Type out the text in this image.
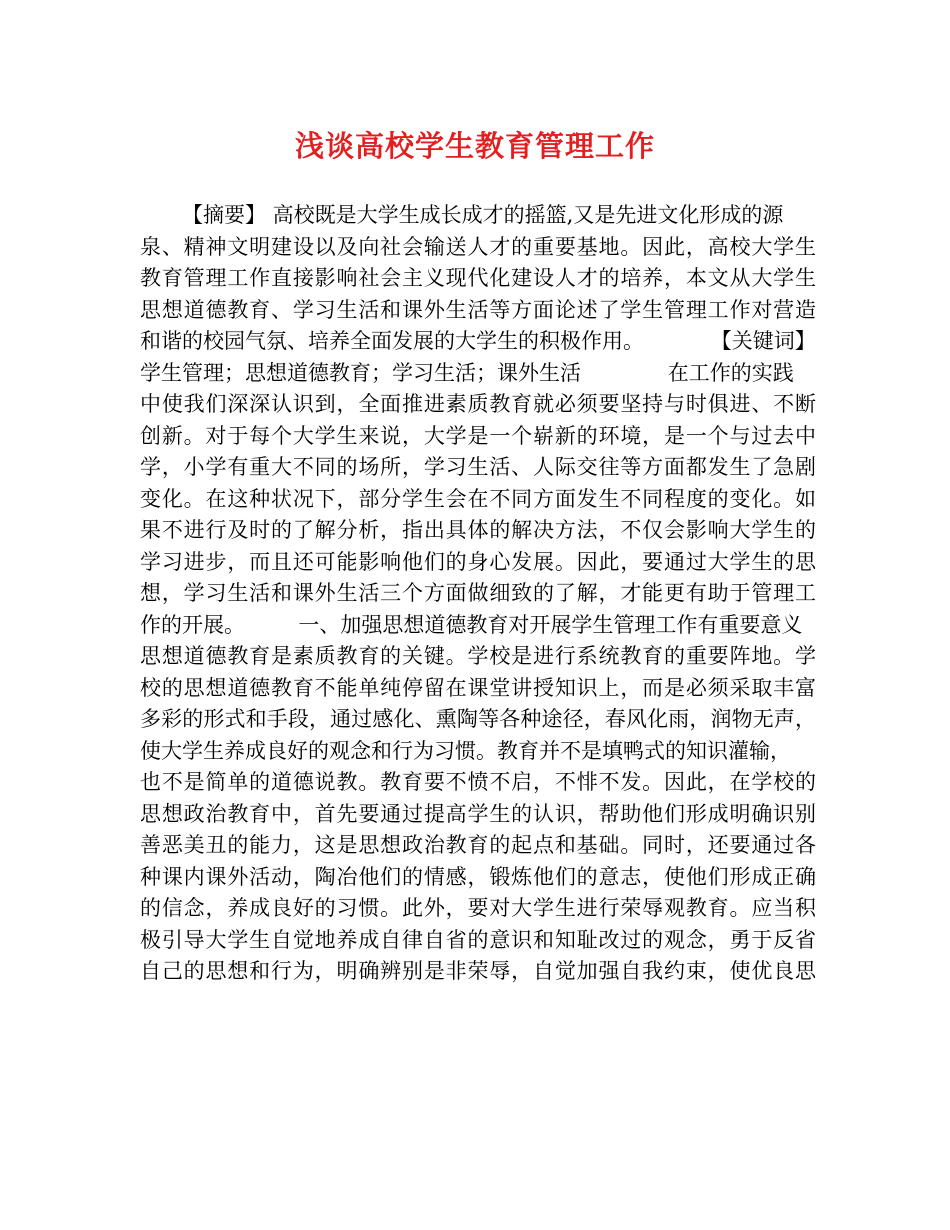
浅谈高校学生教育管理工作
【摘要】 高校既是大学生成长成才的摇篮,又是先进文化形成的源
泉、精神文明建设以及向社会输送人才的重要基地。因此，高校大学生
教育管理工作直接影响社会主义现代化建设人才的培养，本文从大学生
思想道德教育、学习生活和课外生活等方面论述了学生管理工作对营造
和谐的校园气氛、培养全面发展的大学生的积极作用。          【关键词】
学生管理；思想道德教育；学习生活；课外生活             在工作的实践
中使我们深深认识到，全面推进素质教育就必须要坚持与时俱进、不断
创新。对于每个大学生来说，大学是一个崭新的环境，是一个与过去中
学，小学有重大不同的场所，学习生活、人际交往等方面都发生了急剧
变化。在这种状况下，部分学生会在不同方面发生不同程度的变化。如
果不进行及时的了解分析，指出具体的解决方法，不仅会影响大学生的
学习进步，而且还可能影响他们的身心发展。因此，要通过大学生的思
想，学习生活和课外生活三个方面做细致的了解，才能更有助于管理工
作的开展。        一、加强思想道德教育对开展学生管理工作有重要意义
思想道德教育是素质教育的关键。学校是进行系统教育的重要阵地。学
校的思想道德教育不能单纯停留在课堂讲授知识上，而是必须采取丰富
多彩的形式和手段，通过感化、熏陶等各种途径，春风化雨，润物无声，
使大学生养成良好的观念和行为习惯。教育并不是填鸭式的知识灌输，
也不是简单的道德说教。教育要不愤不启，不悱不发。因此，在学校的
思想政治教育中，首先要通过提高学生的认识，帮助他们形成明确识别
善恶美丑的能力，这是思想政治教育的起点和基础。同时，还要通过各
种课内课外活动，陶冶他们的情感，锻炼他们的意志，使他们形成正确
的信念，养成良好的习惯。此外，要对大学生进行荣辱观教育。应当积
极引导大学生自觉地养成自律自省的意识和知耻改过的观念，勇于反省
自己的思想和行为，明确辨别是非荣辱，自觉加强自我约束，使优良思
